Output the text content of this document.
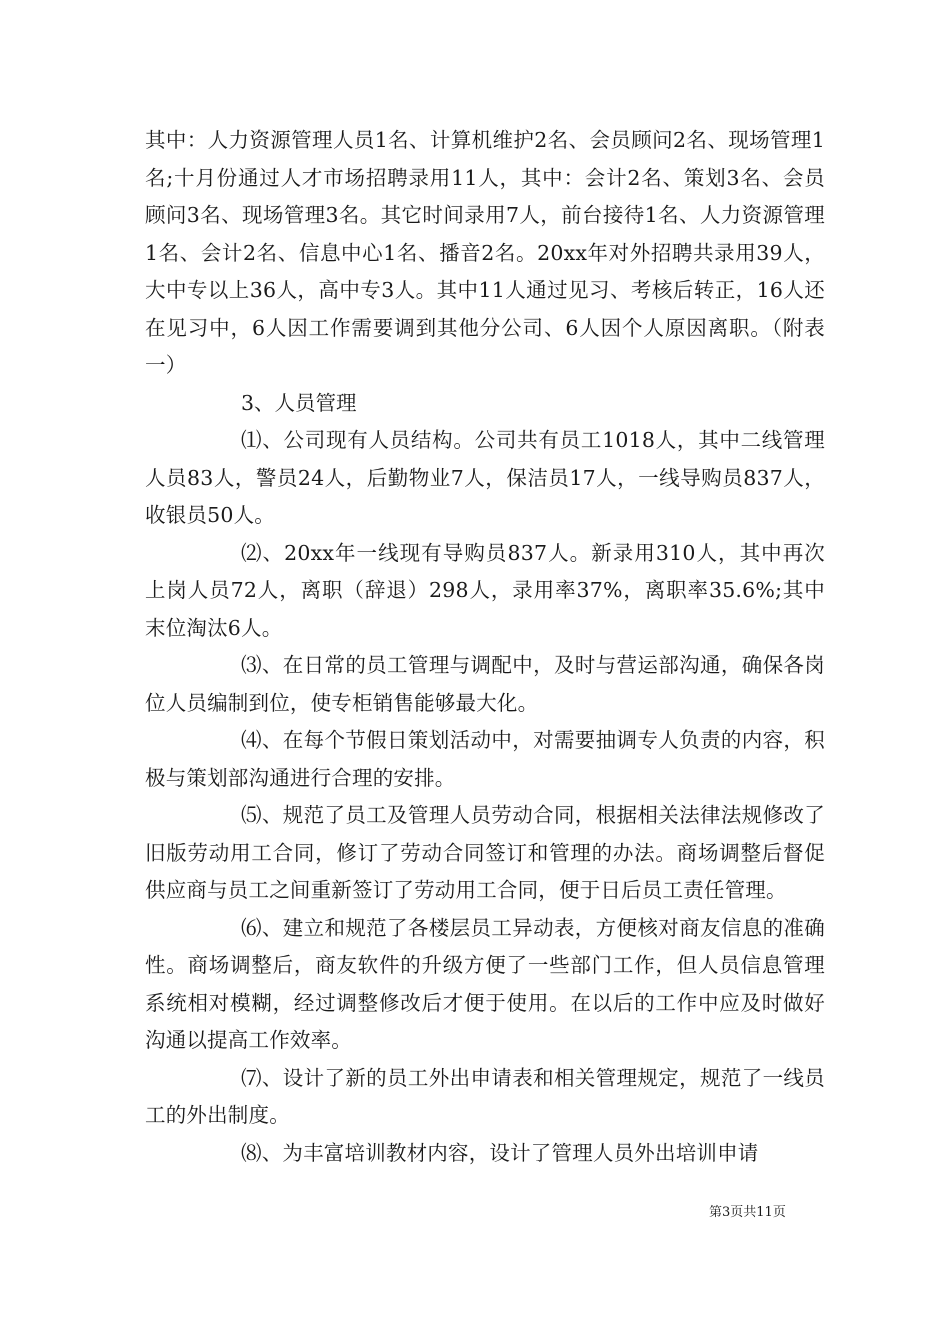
其中：人力资源管理人员1名、计算机维护2名、会员顾问2名、现场管理1名;十月份通过人才市场招聘录用11人，其中：会计2名、策划3名、会员顾问3名、现场管理3名。其它时间录用7人，前台接待1名、人力资源管理1名、会计2名、信息中心1名、播音2名。20xx年对外招聘共录用39人，大中专以上36人，高中专3人。其中11人通过见习、考核后转正，16人还在见习中，6人因工作需要调到其他分公司、6人因个人原因离职。（附表一）

3、人员管理

⑴、公司现有人员结构。公司共有员工1018人，其中二线管理人员83人，警员24人，后勤物业7人，保洁员17人，一线导购员837人，收银员50人。

⑵、20xx年一线现有导购员837人。新录用310人，其中再次上岗人员72人，离职（辞退）298人，录用率37%，离职率35.6%;其中末位淘汰6人。

⑶、在日常的员工管理与调配中，及时与营运部沟通，确保各岗位人员编制到位，使专柜销售能够最大化。

⑷、在每个节假日策划活动中，对需要抽调专人负责的内容，积极与策划部沟通进行合理的安排。

⑸、规范了员工及管理人员劳动合同，根据相关法律法规修改了旧版劳动用工合同，修订了劳动合同签订和管理的办法。商场调整后督促供应商与员工之间重新签订了劳动用工合同，便于日后员工责任管理。

⑹、建立和规范了各楼层员工异动表，方便核对商友信息的准确性。商场调整后，商友软件的升级方便了一些部门工作，但人员信息管理系统相对模糊，经过调整修改后才便于使用。在以后的工作中应及时做好沟通以提高工作效率。

⑺、设计了新的员工外出申请表和相关管理规定，规范了一线员工的外出制度。

⑻、为丰富培训教材内容，设计了管理人员外出培训申请

第3页共11页
